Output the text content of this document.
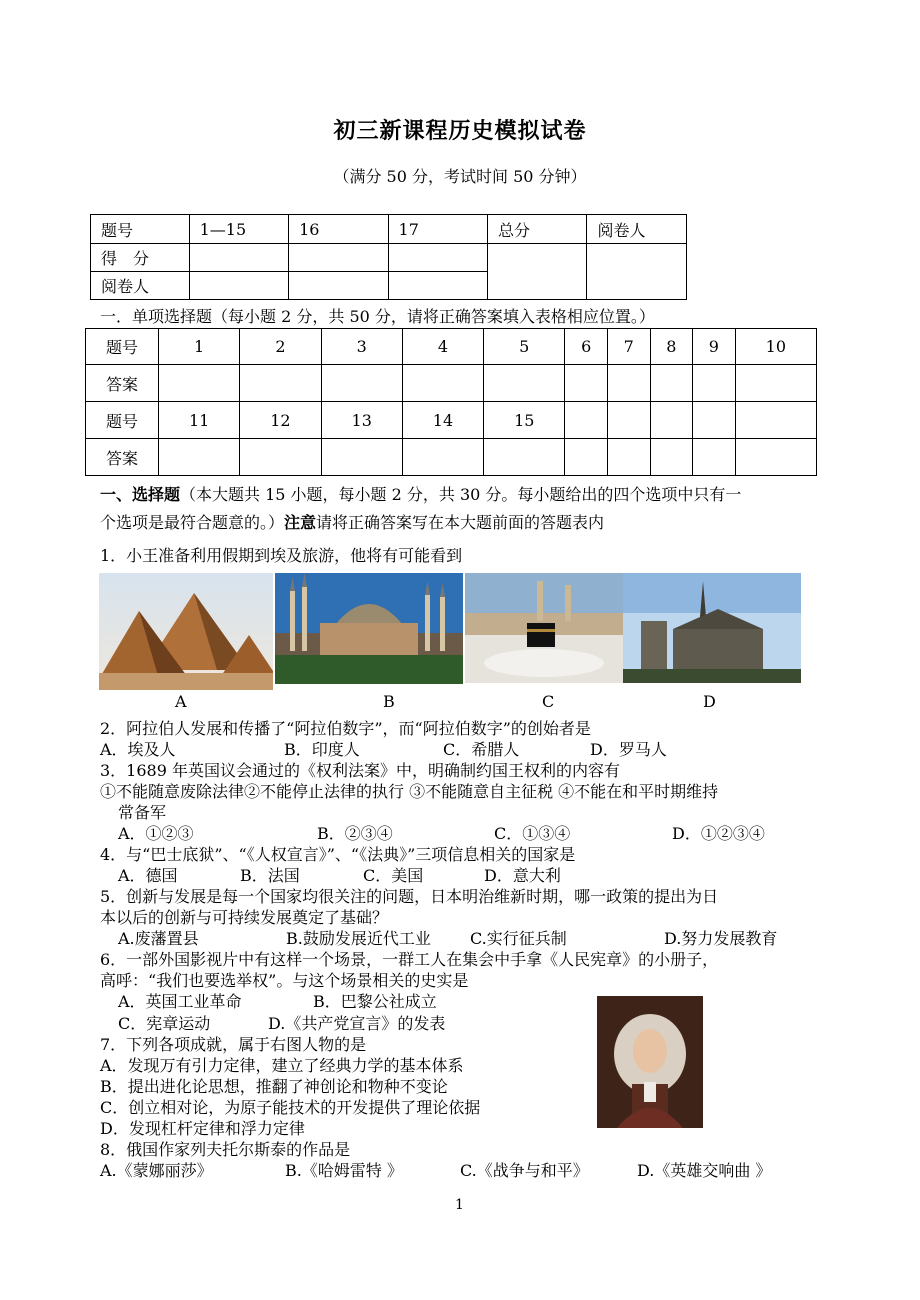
初三新课程历史模拟试卷
（满分 50 分，考试时间 50 分钟）
题号	1—15	16	17	总分	阅卷人
得　分					
阅卷人					
一．单项选择题（每小题 2 分，共 50 分，请将正确答案填入表格相应位置。）
题号	1	2	3	4	5	6	7	8	9	10
答案										
题号	11	12	13	14	15					
答案										
一、选择题（本大题共 15 小题，每小题 2 分，共 30 分。每小题给出的四个选项中只有一
个选项是最符合题意的。）注意请将正确答案写在本大题前面的答题表内
1．小王准备利用假期到埃及旅游，他将有可能看到
A	B	C	D
2．阿拉伯人发展和传播了“阿拉伯数字”，而“阿拉伯数字”的创始者是
A．埃及人	B．印度人	C．希腊人	D．罗马人
3．1689 年英国议会通过的《权利法案》中，明确制约国王权利的内容有
①不能随意废除法律②不能停止法律的执行 ③不能随意自主征税 ④不能在和平时期维持
常备军
A．①②③	B．②③④	C．①③④	D．①②③④
4．与“巴士底狱”、“《人权宣言》”、“《法典》”三项信息相关的国家是
A．德国	B．法国	C．美国	D．意大利
5．创新与发展是每一个国家均很关注的问题，日本明治维新时期，哪一政策的提出为日
本以后的创新与可持续发展奠定了基础？
A.废藩置县	B.鼓励发展近代工业 C.实行征兵制	D.努力发展教育
6．一部外国影视片中有这样一个场景，一群工人在集会中手拿《人民宪章》的小册子，
高呼：“我们也要选举权”。与这个场景相关的史实是
A．英国工业革命	B．巴黎公社成立
C．宪章运动	D.《共产党宣言》的发表
7．下列各项成就，属于右图人物的是
A．发现万有引力定律，建立了经典力学的基本体系
B．提出进化论思想，推翻了神创论和物种不变论
C．创立相对论，为原子能技术的开发提供了理论依据
D．发现杠杆定律和浮力定律
8．俄国作家列夫托尔斯泰的作品是
A.《蒙娜丽莎》	B.《哈姆雷特 》	C.《战争与和平》	D.《英雄交响曲 》
1
